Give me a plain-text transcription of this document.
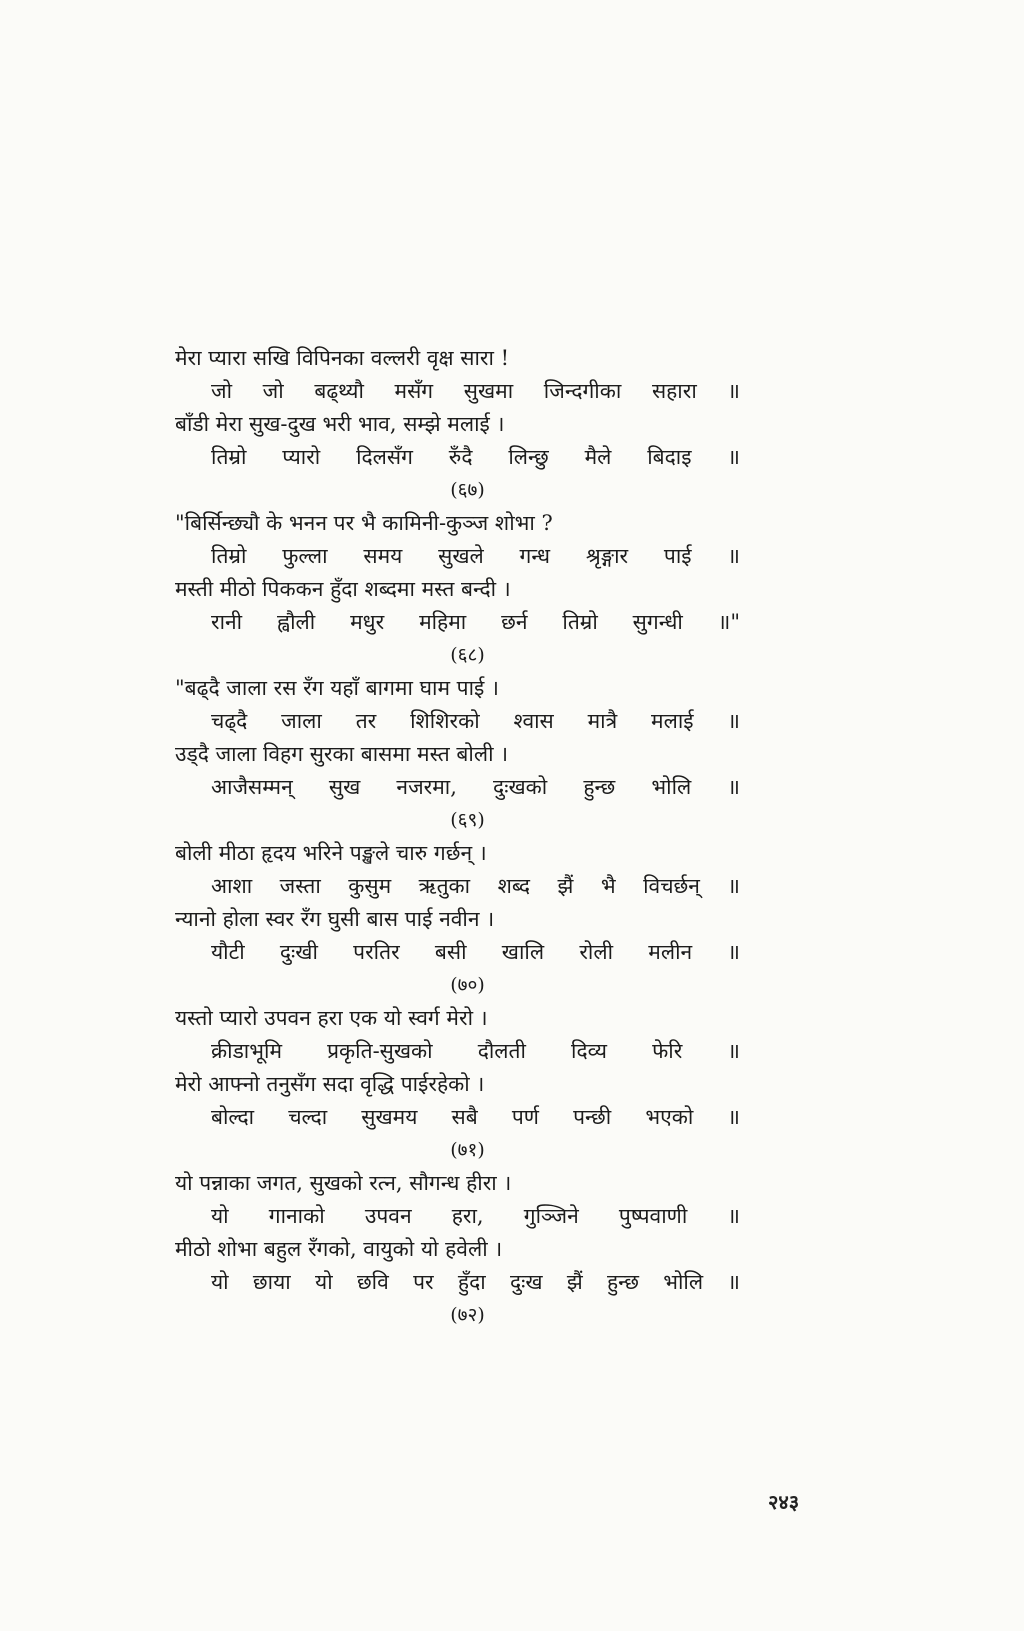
मेरा प्यारा सखि विपिनका वल्लरी वृक्ष सारा !
जो जो बढ्थ्यौ मसँग सुखमा जिन्दगीका सहारा ॥
बाँडी मेरा सुख-दुख भरी भाव, सम्झे मलाई ।
तिम्रो प्यारो दिलसँग रुँदै लिन्छु मैले बिदाइ ॥
(६७)
"बिर्सिन्छ्यौ के भनन पर भै कामिनी-कुञ्ज शोभा ?
तिम्रो फुल्ला समय सुखले गन्ध श्रृङ्गार पाई ॥
मस्ती मीठो पिककन हुँदा शब्दमा मस्त बन्दी ।
रानी ह्वौली मधुर महिमा छर्न तिम्रो सुगन्धी ॥"
(६८)
"बढ्दै जाला रस रँग यहाँ बागमा घाम पाई ।
चढ्दै जाला तर शिशिरको श्वास मात्रै मलाई ॥
उड्दै जाला विहग सुरका बासमा मस्त बोली ।
आजैसम्मन् सुख नजरमा, दुःखको हुन्छ भोलि ॥
(६९)
बोली मीठा हृदय भरिने पङ्खले चारु गर्छन् ।
आशा जस्ता कुसुम ऋतुका शब्द झैं भै विचर्छन् ॥
न्यानो होला स्वर रँग घुसी बास पाई नवीन ।
यौटी दुःखी परतिर बसी खालि रोली मलीन ॥
(७०)
यस्तो प्यारो उपवन हरा एक यो स्वर्ग मेरो ।
क्रीडाभूमि प्रकृति-सुखको दौलती दिव्य फेरि ॥
मेरो आफ्नो तनुसँग सदा वृद्धि पाईरहेको ।
बोल्दा चल्दा सुखमय सबै पर्ण पन्छी भएको ॥
(७१)
यो पन्नाका जगत, सुखको रत्न, सौगन्ध हीरा ।
यो गानाको उपवन हरा, गुञ्जिने पुष्पवाणी ॥
मीठो शोभा बहुल रँगको, वायुको यो हवेली ।
यो छाया यो छवि पर हुँदा दुःख झैं हुन्छ भोलि ॥
(७२)
२४३
